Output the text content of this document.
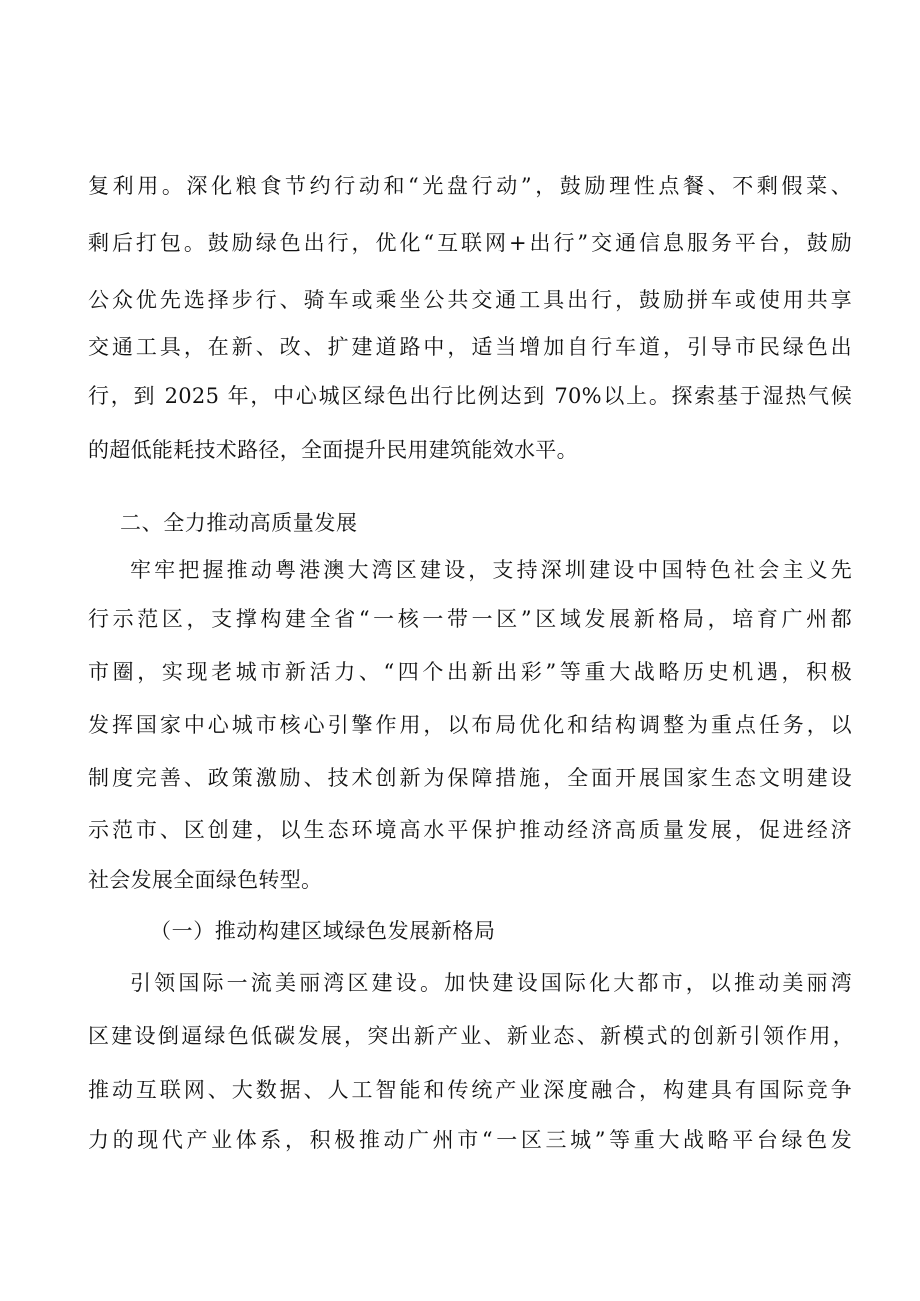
复利用。深化粮食节约行动和“光盘行动”，鼓励理性点餐、不剩假菜、
剩后打包。鼓励绿色出行，优化“互联网+出行”交通信息服务平台，鼓励
公众优先选择步行、骑车或乘坐公共交通工具出行，鼓励拼车或使用共享
交通工具，在新、改、扩建道路中，适当增加自行车道，引导市民绿色出
行，到 2025 年，中心城区绿色出行比例达到 70%以上。探索基于湿热气候
的超低能耗技术路径，全面提升民用建筑能效水平。
二、全力推动高质量发展
牢牢把握推动粤港澳大湾区建设，支持深圳建设中国特色社会主义先
行示范区，支撑构建全省“一核一带一区”区域发展新格局，培育广州都
市圈，实现老城市新活力、“四个出新出彩”等重大战略历史机遇，积极
发挥国家中心城市核心引擎作用，以布局优化和结构调整为重点任务，以
制度完善、政策激励、技术创新为保障措施，全面开展国家生态文明建设
示范市、区创建，以生态环境高水平保护推动经济高质量发展，促进经济
社会发展全面绿色转型。
（一）推动构建区域绿色发展新格局
引领国际一流美丽湾区建设。加快建设国际化大都市，以推动美丽湾
区建设倒逼绿色低碳发展，突出新产业、新业态、新模式的创新引领作用，
推动互联网、大数据、人工智能和传统产业深度融合，构建具有国际竞争
力的现代产业体系，积极推动广州市“一区三城”等重大战略平台绿色发
